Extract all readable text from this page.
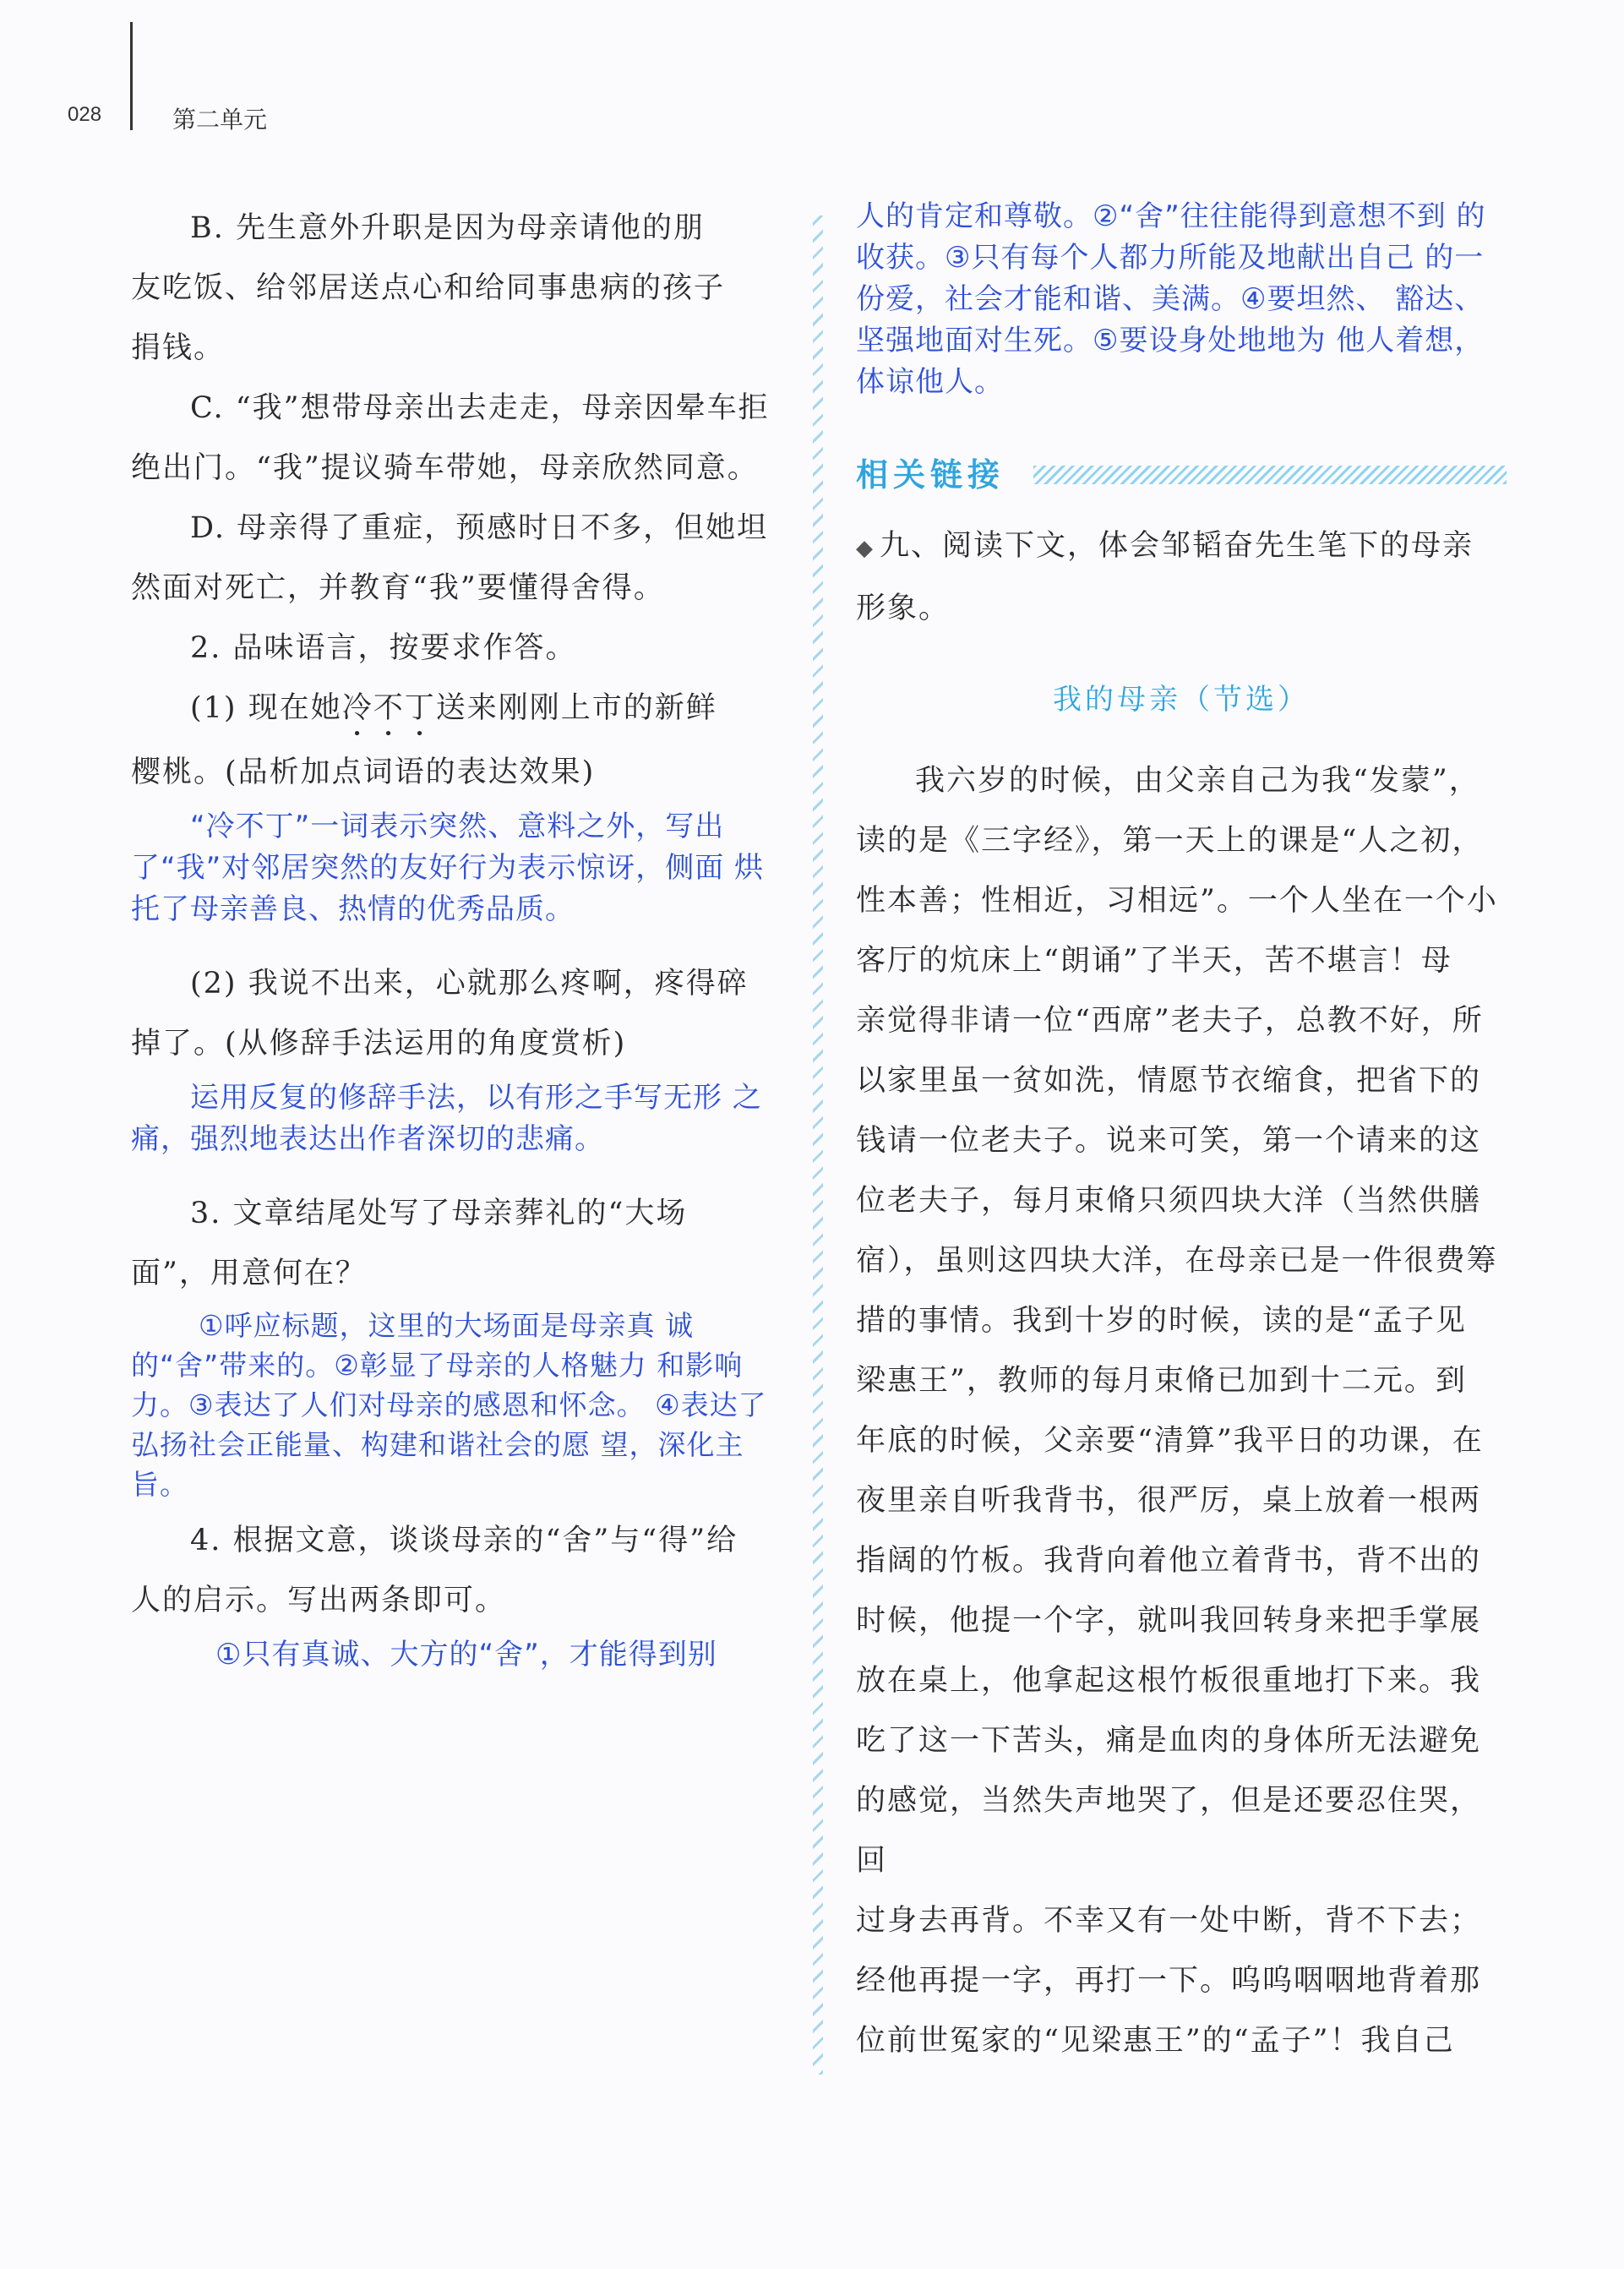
028	第二单元

B. 先生意外升职是因为母亲请他的朋

友吃饭、给邻居送点心和给同事患病的孩子

捐钱。

C. “我”想带母亲出去走走，母亲因晕车拒

绝出门。“我”提议骑车带她，母亲欣然同意。

D. 母亲得了重症，预感时日不多，但她坦

然面对死亡，并教育“我”要懂得舍得。

2. 品味语言，按要求作答。

(1) 现在她冷不丁送来刚刚上市的新鲜

樱桃。(品析加点词语的表达效果)

“冷不丁”一词表示突然、意料之外，写出 了“我”对邻居突然的友好行为表示惊讶，侧面 烘托了母亲善良、热情的优秀品质。

(2) 我说不出来，心就那么疼啊，疼得碎

掉了。(从修辞手法运用的角度赏析)

运用反复的修辞手法，以有形之手写无形 之痛，强烈地表达出作者深切的悲痛。

3. 文章结尾处写了母亲葬礼的“大场

面”，用意何在？

①呼应标题，这里的大场面是母亲真 诚的“舍”带来的。②彰显了母亲的人格魅力 和影响力。③表达了人们对母亲的感恩和怀念。 ④表达了弘扬社会正能量、构建和谐社会的愿 望，深化主旨。

4. 根据文意，谈谈母亲的“舍”与“得”给

人的启示。写出两条即可。

①只有真诚、大方的“舍”，才能得到别
人的肯定和尊敬。②“舍”往往能得到意想不到 的收获。③只有每个人都力所能及地献出自己 的一份爱，社会才能和谐、美满。④要坦然、 豁达、坚强地面对生死。⑤要设身处地地为 他人着想，体谅他人。
相关链接

◆ 九、阅读下文，体会邹韬奋先生笔下的母亲

形象。

我的母亲（节选）

我六岁的时候，由父亲自己为我“发蒙”，

读的是《三字经》，第一天上的课是“人之初，

性本善；性相近，习相远”。一个人坐在一个小

客厅的炕床上“朗诵”了半天，苦不堪言！母

亲觉得非请一位“西席”老夫子，总教不好，所

以家里虽一贫如洗，情愿节衣缩食，把省下的

钱请一位老夫子。说来可笑，第一个请来的这

位老夫子，每月束脩只须四块大洋（当然供膳

宿），虽则这四块大洋，在母亲已是一件很费筹

措的事情。我到十岁的时候，读的是“孟子见

梁惠王”，教师的每月束脩已加到十二元。到

年底的时候，父亲要“清算”我平日的功课，在

夜里亲自听我背书，很严厉，桌上放着一根两

指阔的竹板。我背向着他立着背书，背不出的

时候，他提一个字，就叫我回转身来把手掌展

放在桌上，他拿起这根竹板很重地打下来。我

吃了这一下苦头，痛是血肉的身体所无法避免

的感觉，当然失声地哭了，但是还要忍住哭，回

过身去再背。不幸又有一处中断，背不下去；

经他再提一字，再打一下。呜呜咽咽地背着那

位前世冤家的“见梁惠王”的“孟子”！我自己
